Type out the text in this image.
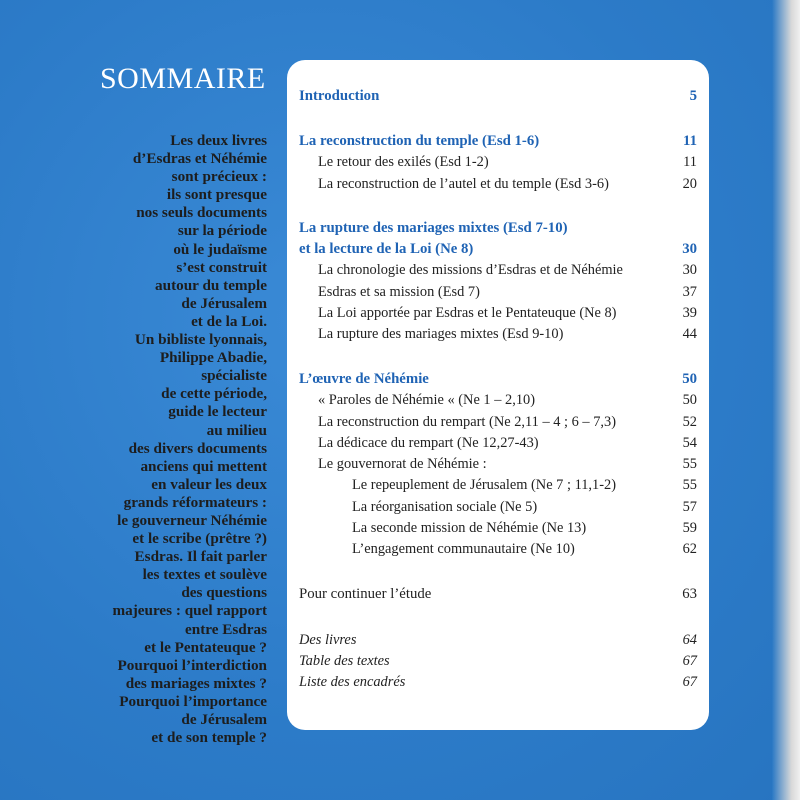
SOMMAIRE
Les deux livres
d’Esdras et Néhémie
sont précieux :
ils sont presque
nos seuls documents
sur la période
où le judaïsme
s’est construit
autour du temple
de Jérusalem
et de la Loi.
Un bibliste lyonnais,
Philippe Abadie,
spécialiste
de cette période,
guide le lecteur
au milieu
des divers documents
anciens qui mettent
en valeur les deux
grands réformateurs :
le gouverneur Néhémie
et le scribe (prêtre ?)
Esdras. Il fait parler
les textes et soulève
des questions
majeures : quel rapport
entre Esdras
et le Pentateuque ?
Pourquoi l’interdiction
des mariages mixtes ?
Pourquoi l’importance
de Jérusalem
et de son temple ?
Introduction	5
La reconstruction du temple (Esd 1-6)	11
Le retour des exilés (Esd 1-2)	11
La reconstruction de l’autel et du temple (Esd 3-6)	20
La rupture des mariages mixtes (Esd 7-10)
et la lecture de la Loi (Ne 8)	30
La chronologie des missions d’Esdras et de Néhémie	30
Esdras et sa mission (Esd 7)	37
La Loi apportée par Esdras et le Pentateuque (Ne 8)	39
La rupture des mariages mixtes (Esd 9-10)	44
L’œuvre de Néhémie	50
« Paroles de Néhémie « (Ne 1 – 2,10)	50
La reconstruction du rempart (Ne 2,11 – 4 ; 6 – 7,3)	52
La dédicace du rempart (Ne 12,27-43)	54
Le gouvernorat de Néhémie :	55
Le repeuplement de Jérusalem (Ne 7 ; 11,1-2)	55
La réorganisation sociale (Ne 5)	57
La seconde mission de Néhémie (Ne 13)	59
L’engagement communautaire (Ne 10)	62
Pour continuer l’étude	63
Des livres	64
Table des textes	67
Liste des encadrés	67
